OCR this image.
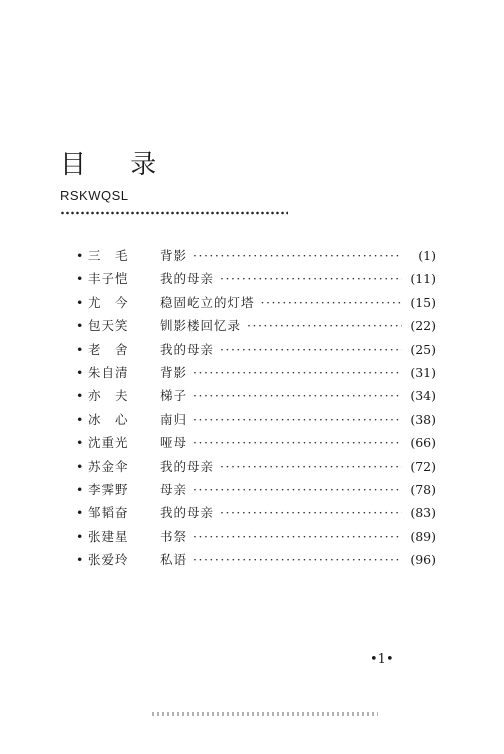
目 录
RSKWQSL
• 三　毛	背影 ·····	(1)
• 丰子恺	我的母亲 ·····	(11)
• 尤　今	稳固屹立的灯塔 ·····	(15)
• 包天笑	钏影楼回忆录 ·····	(22)
• 老　舍	我的母亲 ·····	(25)
• 朱自清	背影 ·····	(31)
• 亦　夫	梯子 ·····	(34)
• 冰　心	南归 ·····	(38)
• 沈重光	哑母 ·····	(66)
• 苏金伞	我的母亲 ·····	(72)
• 李霁野	母亲 ·····	(78)
• 邹韬奋	我的母亲 ·····	(83)
• 张建星	书祭 ·····	(89)
• 张爱玲	私语 ·····	(96)
•1•
